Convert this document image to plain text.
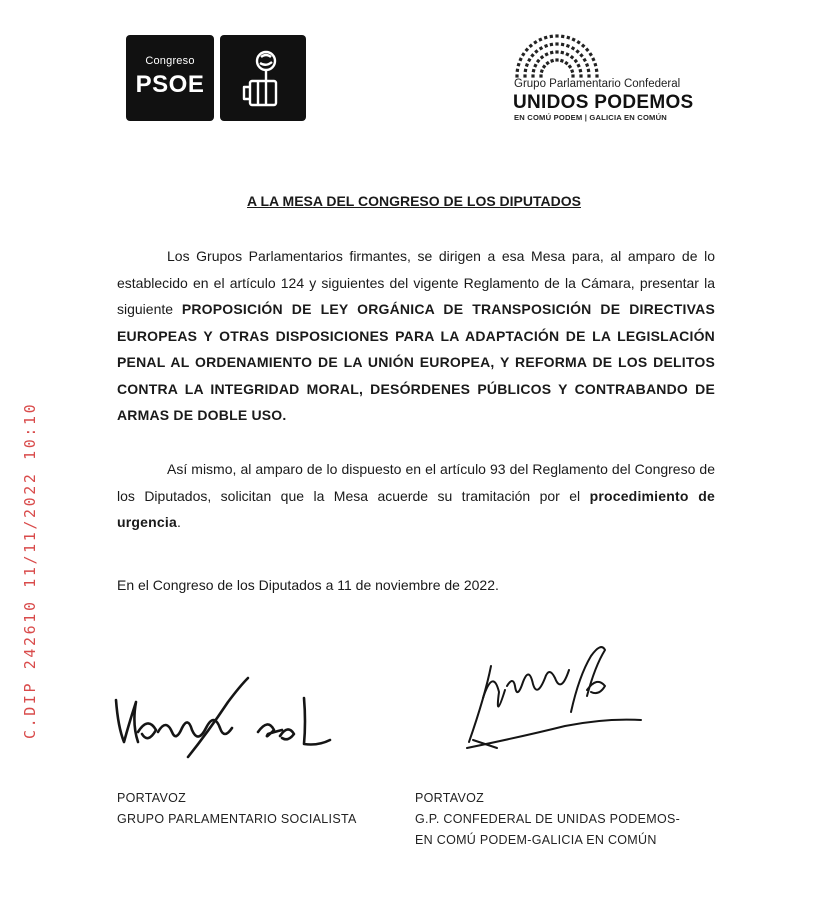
Congreso
PSOE	Grupo Parlamentario Confederal
UNIDOS PODEMOS
EN COMÚ PODEM | GALICIA EN COMÚN
A LA MESA DEL CONGRESO DE LOS DIPUTADOS

Los Grupos Parlamentarios firmantes, se dirigen a esa Mesa para, al amparo de lo establecido en el artículo 124 y siguientes del vigente Reglamento de la Cámara, presentar la siguiente PROPOSICIÓN DE LEY ORGÁNICA DE TRANSPOSICIÓN DE DIRECTIVAS EUROPEAS Y OTRAS DISPOSICIONES PARA LA ADAPTACIÓN DE LA LEGISLACIÓN PENAL AL ORDENAMIENTO DE LA UNIÓN EUROPEA, Y REFORMA DE LOS DELITOS CONTRA LA INTEGRIDAD MORAL, DESÓRDENES PÚBLICOS Y CONTRABANDO DE ARMAS DE DOBLE USO.

Así mismo, al amparo de lo dispuesto en el artículo 93 del Reglamento del Congreso de los Diputados, solicitan que la Mesa acuerde su tramitación por el procedimiento de urgencia.

En el Congreso de los Diputados a 11 de noviembre de 2022.
PORTAVOZ
GRUPO PARLAMENTARIO SOCIALISTA
PORTAVOZ
G.P. CONFEDERAL DE UNIDAS PODEMOS-
EN COMÚ PODEM-GALICIA EN COMÚN
C.DIP 242610 11/11/2022 10:10
